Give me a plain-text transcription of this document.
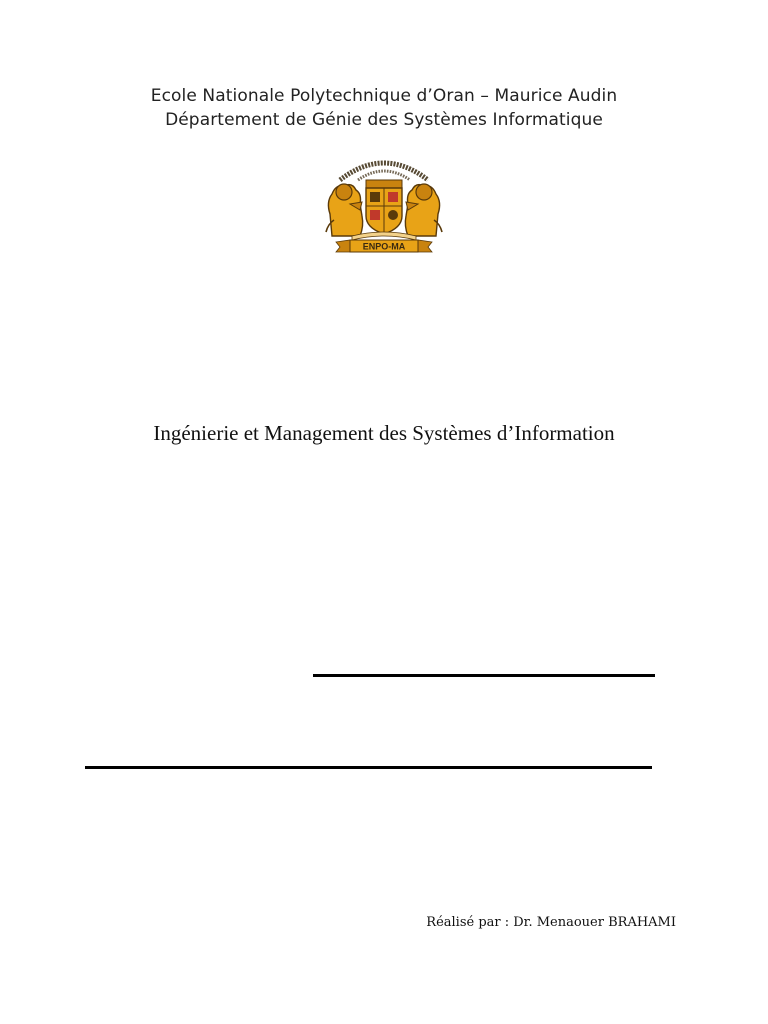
Ecole Nationale Polytechnique d’Oran – Maurice Audin
Département de Génie des Systèmes Informatique
ENPO-MA
Ingénierie et Management des Systèmes d’Information
Réalisé par : Dr. Menaouer BRAHAMI
